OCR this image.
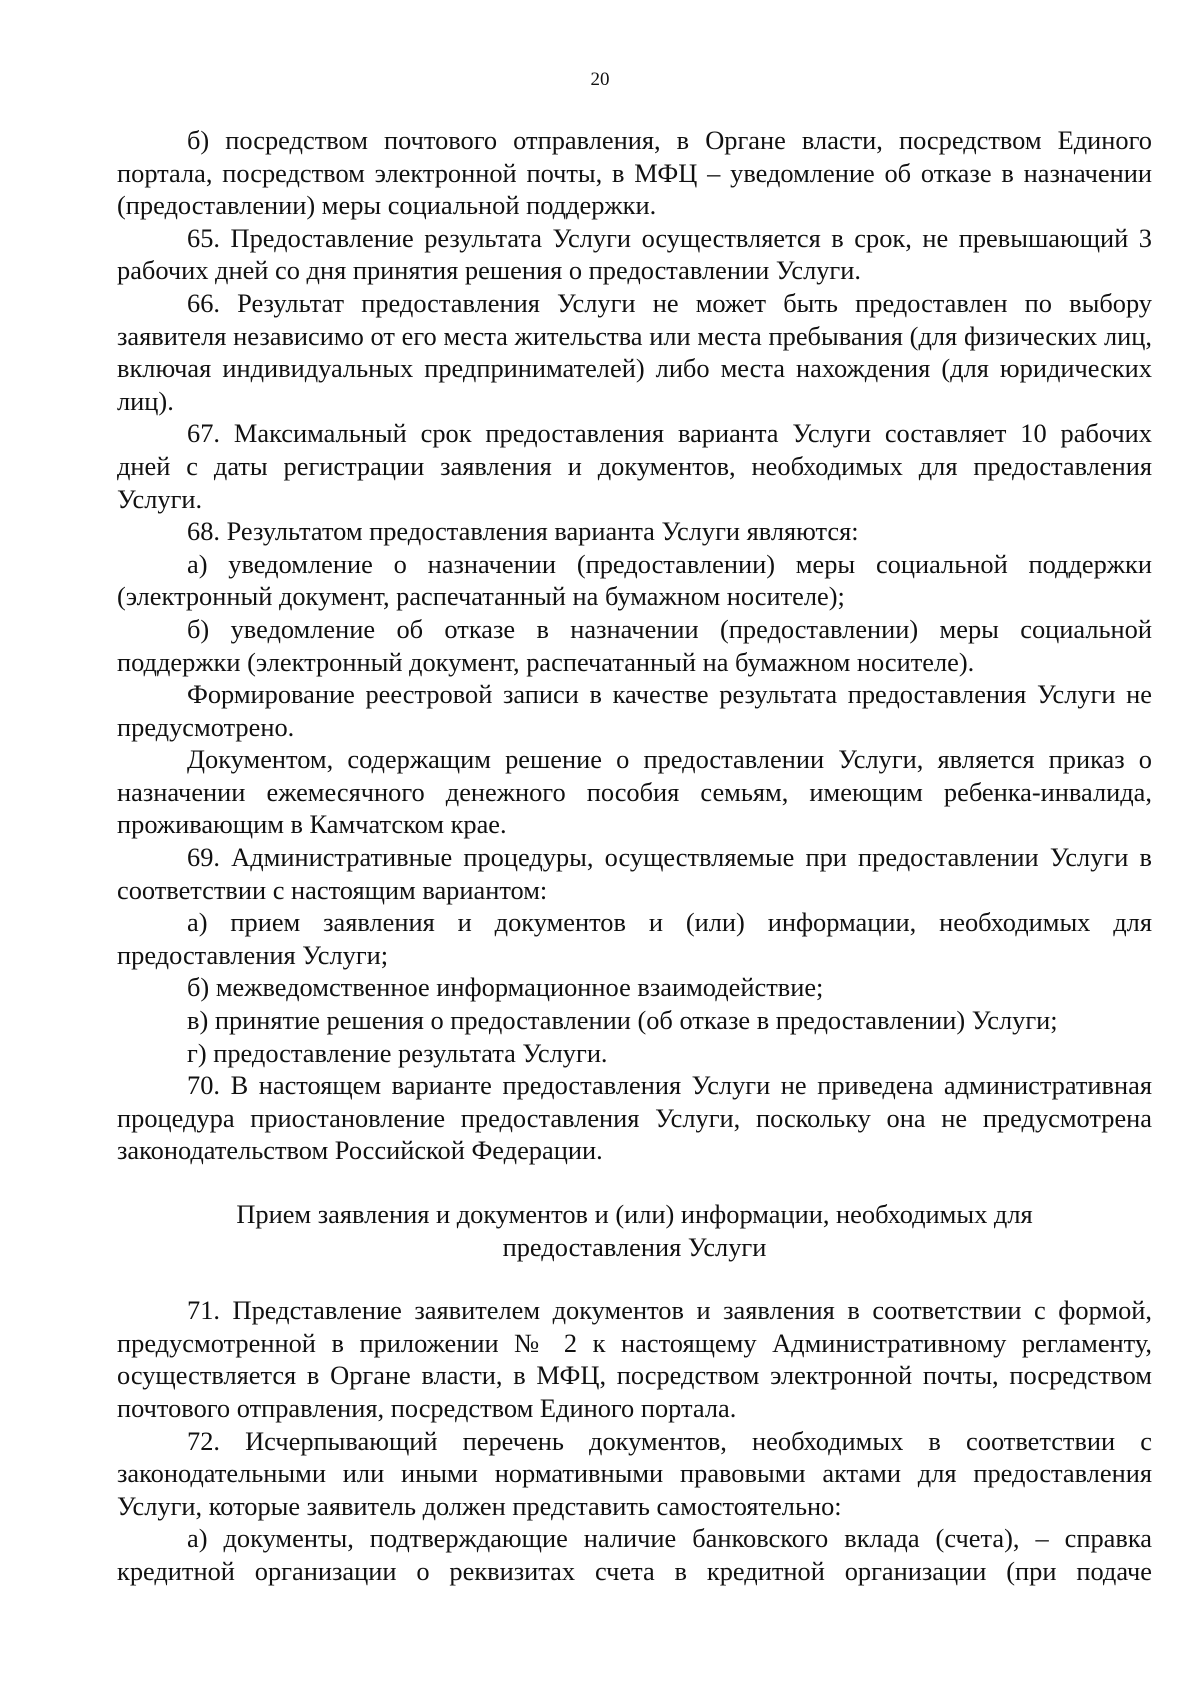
20

б) посредством почтового отправления, в Органе власти, посредством Единого портала, посредством электронной почты, в МФЦ – уведомление об отказе в назначении (предоставлении) меры социальной поддержки.

65. Предоставление результата Услуги осуществляется в срок, не превышающий 3 рабочих дней со дня принятия решения о предоставлении Услуги.

66. Результат предоставления Услуги не может быть предоставлен по выбору заявителя независимо от его места жительства или места пребывания (для физических лиц, включая индивидуальных предпринимателей) либо места нахождения (для юридических лиц).

67. Максимальный срок предоставления варианта Услуги составляет 10 рабочих дней с даты регистрации заявления и документов, необходимых для предоставления Услуги.

68. Результатом предоставления варианта Услуги являются:

а) уведомление о назначении (предоставлении) меры социальной поддержки (электронный документ, распечатанный на бумажном носителе);

б) уведомление об отказе в назначении (предоставлении) меры социальной поддержки (электронный документ, распечатанный на бумажном носителе).

Формирование реестровой записи в качестве результата предоставления Услуги не предусмотрено.

Документом, содержащим решение о предоставлении Услуги, является приказ о назначении ежемесячного денежного пособия семьям, имеющим ребенка-инвалида, проживающим в Камчатском крае.

69. Административные процедуры, осуществляемые при предоставлении Услуги в соответствии с настоящим вариантом:

а) прием заявления и документов и (или) информации, необходимых для предоставления Услуги;

б) межведомственное информационное взаимодействие;

в) принятие решения о предоставлении (об отказе в предоставлении) Услуги;

г) предоставление результата Услуги.

70. В настоящем варианте предоставления Услуги не приведена административная процедура приостановление предоставления Услуги, поскольку она не предусмотрена законодательством Российской Федерации.

Прием заявления и документов и (или) информации, необходимых для предоставления Услуги

71. Представление заявителем документов и заявления в соответствии с формой, предусмотренной в приложении № 2 к настоящему Административному регламенту, осуществляется в Органе власти, в МФЦ, посредством электронной почты, посредством почтового отправления, посредством Единого портала.

72. Исчерпывающий перечень документов, необходимых в соответствии с законодательными или иными нормативными правовыми актами для предоставления Услуги, которые заявитель должен представить самостоятельно:

а) документы, подтверждающие наличие банковского вклада (счета), – справка кредитной организации о реквизитах счета в кредитной организации (при подаче
